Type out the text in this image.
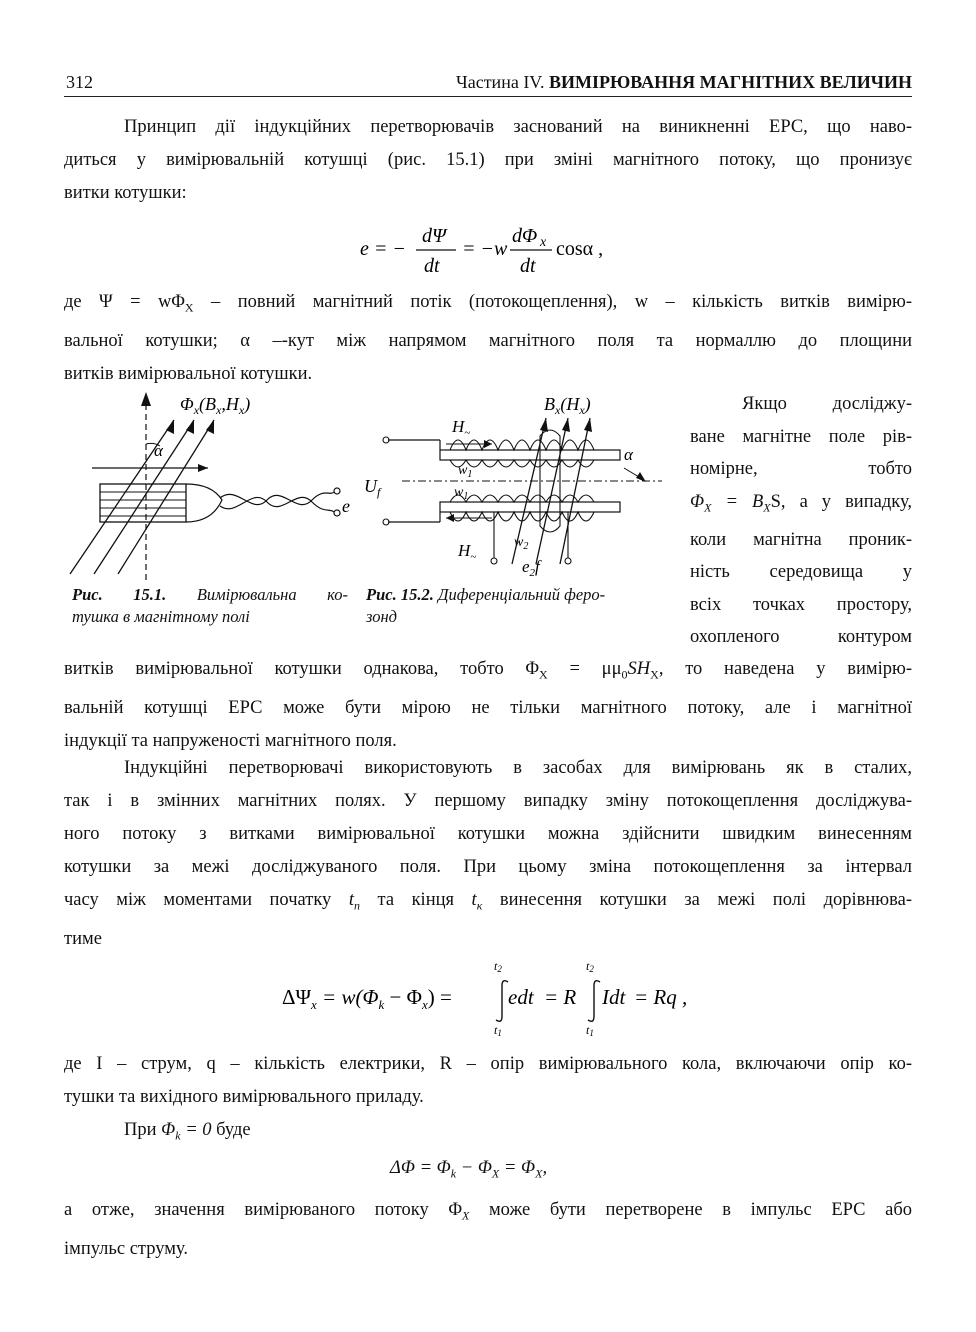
312	Частина IV. ВИМІРЮВАННЯ МАГНІТНИХ ВЕЛИЧИН
Принцип дії індукційних перетворювачів заснований на виникненні ЕРС, що наво-
диться у вимірювальній котушці (рис. 15.1) при зміні магнітного потоку, що пронизує
витки котушки:
e = −
dΨ
dt
= −w
dΦ x
dt
cosα ,
де $\Psi = w\Phi_X$ – повний магнітний потік (потокощеплення), w – кількість витків вимірю-
вальної котушки; α –-кут між напрямом магнітного поля та нормаллю до площини
витків вимірювальної котушки.
$\Phi_x(B_x,H_x)$
α
e
Рис. 15.1. Вимірювальна ко-
тушка в магнітному полі
$B_x(H_x)$
$H_\sim$
$U_f$
$w_1$
$w_1$
$w_2$
α
$H_\sim$	$e_2f$
Рис. 15.2. Диференціальний феро-
зонд
Якщо досліджу-
ване магнітне поле рів-
номірне, тобто
$\Phi_X = B_XS$, а у випадку,
коли магнітна проник-
ність середовища у
всіх точках простору,
охопленого контуром
витків вимірювальної котушки однакова, тобто $\Phi_X = \mu\mu_0SH_X$, то наведена у вимірю-
вальній котушці ЕРС може бути мірою не тільки магнітного потоку, але і магнітної
індукції та напруженості магнітного поля.
Індукційні перетворювачі використовують в засобах для вимірювань як в сталих,
так і в змінних магнітних полях. У першому випадку зміну потокощеплення досліджува-
ного потоку з витками вимірювальної котушки можна здійснити швидким винесенням
котушки за межі досліджуваного поля. При цьому зміна потокощеплення за інтервал
часу між моментами початку $t_п$ та кінця $t_к$ винесення котушки за межі полі дорівнюва-
тиме
$\Delta\Psi_x = w(\Phi_k - \Phi_x)$ =
t2
t1
edt = R
t2
t1
Idt = Rq ,
де I – струм, q – кількість електрики, R – опір вимірювального кола, включаючи опір ко-
тушки та вихідного вимірювального приладу.
При $\Phi_k = 0$ буде
$\Delta\Phi = \Phi_k - \Phi_X = \Phi_X$,
а отже, значення вимірюваного потоку $\Phi_X$ може бути перетворене в імпульс ЕРС або
імпульс струму.
